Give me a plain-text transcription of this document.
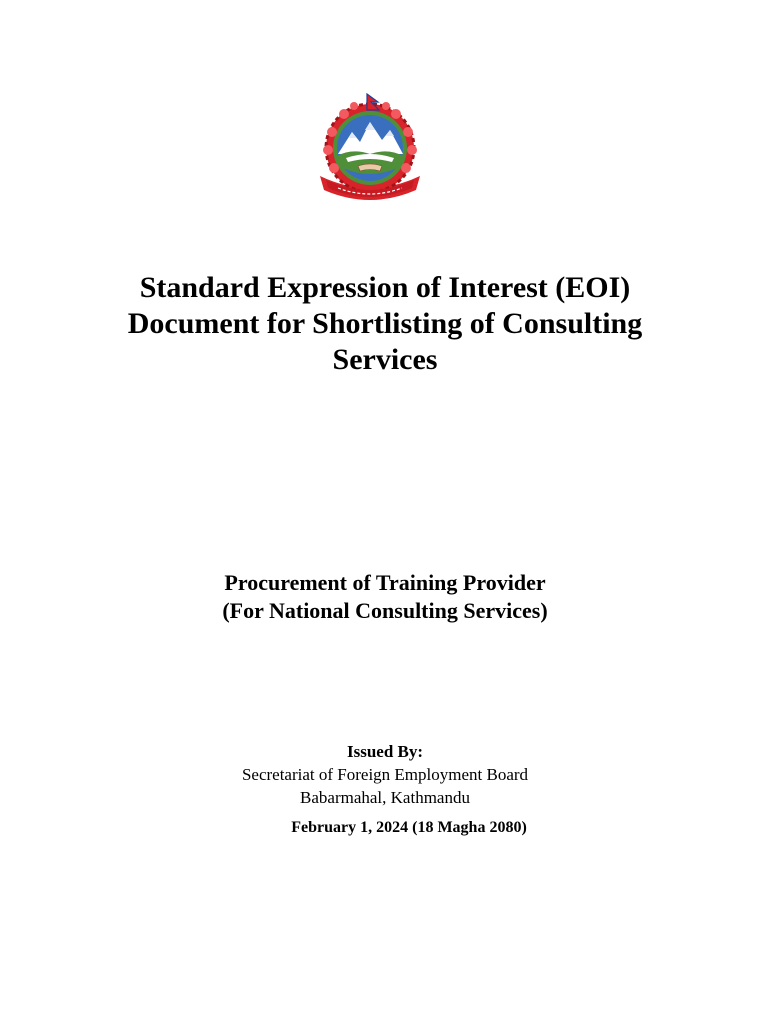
Standard Expression of Interest (EOI)
Document for Shortlisting of Consulting
Services
Procurement of Training Provider
(For National Consulting Services)
Issued By:
Secretariat of Foreign Employment Board
Babarmahal, Kathmandu
February 1, 2024 (18 Magha 2080)
